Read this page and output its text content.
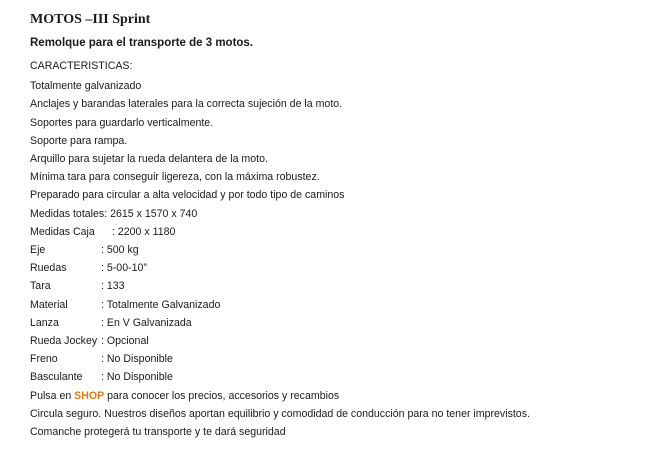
MOTOS –III Sprint
Remolque para el transporte de 3 motos.
CARACTERISTICAS:
Totalmente galvanizado
Anclajes y barandas laterales para la correcta sujeción de la moto.
Soportes para guardarlo verticalmente.
Soporte para rampa.
Arquillo para sujetar la rueda delantera de la moto.
Mínima tara para conseguir ligereza, con la máxima robustez.
Preparado para circular a alta velocidad y por todo tipo de caminos
Medidas totales: 2615 x 1570 x 740
Medidas Caja : 2200 x 1180
Eje	: 500 kg
Ruedas	: 5-00-10”
Tara	: 133
Material	: Totalmente Galvanizado
Lanza	: En V Galvanizada
Rueda Jockey : Opcional
Freno	: No Disponible
Basculante : No Disponible
Pulsa en SHOP para conocer los precios, accesorios y recambios
Circula seguro. Nuestros diseños aportan equilibrio y comodidad de conducción para no tener imprevistos.
Comanche protegerá tu transporte y te dará seguridad
